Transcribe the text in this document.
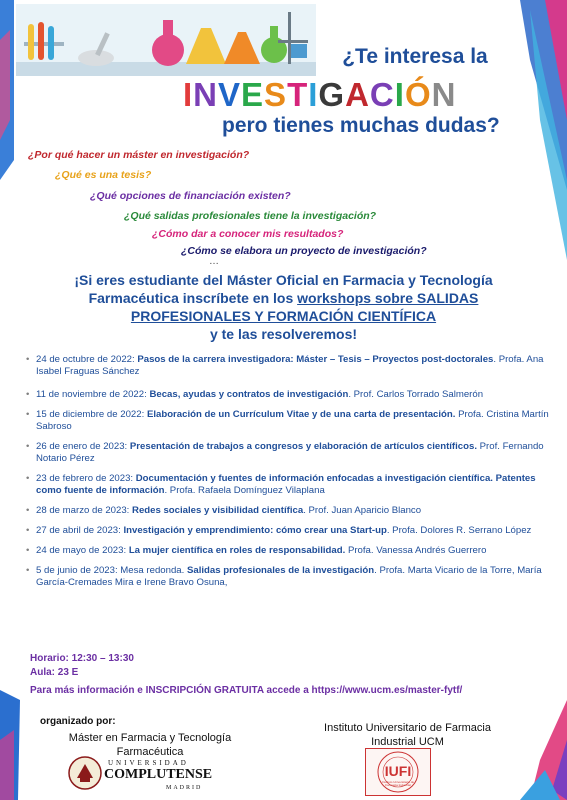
¿Te interesa la
INVESTIGACIÓN
pero tienes muchas dudas?
¿Por qué hacer un máster en investigación?
¿Qué es una tesis?
¿Qué opciones de financiación existen?
¿Qué salidas profesionales tiene la investigación?
¿Cómo dar a conocer mis resultados?
¿Cómo se elabora un proyecto de investigación?
…
¡Si eres estudiante del Máster Oficial en Farmacia y Tecnología
Farmacéutica inscríbete en los workshops sobre SALIDAS
PROFESIONALES Y FORMACIÓN CIENTÍFICA
y te las resolveremos!
• 24 de octubre de 2022: Pasos de la carrera investigadora: Máster – Tesis – Proyectos post-doctorales. Profa. Ana Isabel Fraguas Sánchez
• 11 de noviembre de 2022: Becas, ayudas y contratos de investigación. Prof. Carlos Torrado Salmerón
• 15 de diciembre de 2022: Elaboración de un Currículum Vitae y de una carta de presentación. Profa. Cristina Martín Sabroso
• 26 de enero de 2023: Presentación de trabajos a congresos y elaboración de artículos científicos. Prof. Fernando Notario Pérez
• 23 de febrero de 2023: Documentación y fuentes de información enfocadas a investigación científica. Patentes como fuente de información. Profa. Rafaela Domínguez Vilaplana
• 28 de marzo de 2023: Redes sociales y visibilidad científica. Prof. Juan Aparicio Blanco
• 27 de abril de 2023: Investigación y emprendimiento: cómo crear una Start-up. Profa. Dolores R. Serrano López
• 24 de mayo de 2023: La mujer científica en roles de responsabilidad. Profa. Vanessa Andrés Guerrero
• 5 de junio de 2023: Mesa redonda. Salidas profesionales de la investigación. Profa. Marta Vicario de la Torre, María García-Cremades Mira e Irene Bravo Osuna,
Horario: 12:30 – 13:30
Aula: 23 E
Para más información e INSCRIPCIÓN GRATUITA accede a https://www.ucm.es/master-fytf/
organizado por:
Máster en Farmacia y Tecnología Farmacéutica
UNIVERSIDAD
COMPLUTENSE
MADRID
Instituto Universitario de Farmacia Industrial UCM
IUFI
Instituto Universitario de Farmacia Industrial
